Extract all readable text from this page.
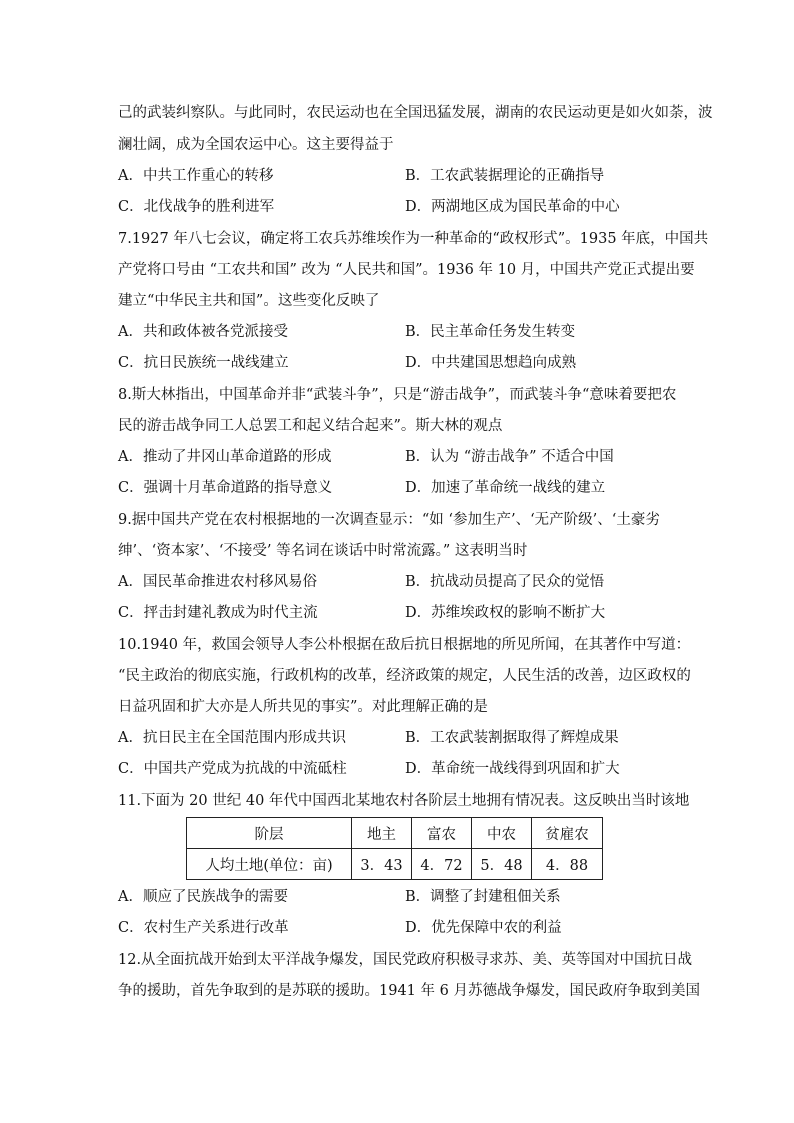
己的武装纠察队。与此同时，农民运动也在全国迅猛发展，湖南的农民运动更是如火如荼，波
澜壮阔，成为全国农运中心。这主要得益于
A．中共工作重心的转移	B．工农武装据理论的正确指导
C．北伐战争的胜利进军	D．两湖地区成为国民革命的中心
7.1927 年八七会议，确定将工农兵苏维埃作为一种革命的“政权形式”。1935 年底，中国共
产党将口号由 “工农共和国” 改为 “人民共和国”。1936 年 10 月，中国共产党正式提出要
建立“中华民主共和国”。这些变化反映了
A．共和政体被各党派接受	B．民主革命任务发生转变
C．抗日民族统一战线建立	D．中共建国思想趋向成熟
8.斯大林指出，中国革命并非“武装斗争”，只是“游击战争”，而武装斗争“意味着要把农
民的游击战争同工人总罢工和起义结合起来”。斯大林的观点
A．推动了井冈山革命道路的形成	B．认为 “游击战争” 不适合中国
C．强调十月革命道路的指导意义	D．加速了革命统一战线的建立
9.据中国共产党在农村根据地的一次调查显示：“如 ‘参加生产’、‘无产阶级’、‘土豪劣
绅’、‘资本家’、‘不接受’ 等名词在谈话中时常流露。” 这表明当时
A．国民革命推进农村移风易俗	B．抗战动员提高了民众的觉悟
C．抨击封建礼教成为时代主流	D．苏维埃政权的影响不断扩大
10.1940 年，救国会领导人李公朴根据在敌后抗日根据地的所见所闻，在其著作中写道：
“民主政治的彻底实施，行政机构的改革，经济政策的规定，人民生活的改善，边区政权的
日益巩固和扩大亦是人所共见的事实”。对此理解正确的是
A．抗日民主在全国范围内形成共识	B．工农武装割据取得了辉煌成果
C．中国共产党成为抗战的中流砥柱	D．革命统一战线得到巩固和扩大
11.下面为 20 世纪 40 年代中国西北某地农村各阶层土地拥有情况表。这反映出当时该地
阶层	地主	富农	中农	贫雇农
人均土地(单位：亩)	3．43	4．72	5．48	4．88
A．顺应了民族战争的需要	B．调整了封建租佃关系
C．农村生产关系进行改革	D．优先保障中农的利益
12.从全面抗战开始到太平洋战争爆发，国民党政府积极寻求苏、美、英等国对中国抗日战
争的援助，首先争取到的是苏联的援助。1941 年 6 月苏德战争爆发，国民政府争取到美国
